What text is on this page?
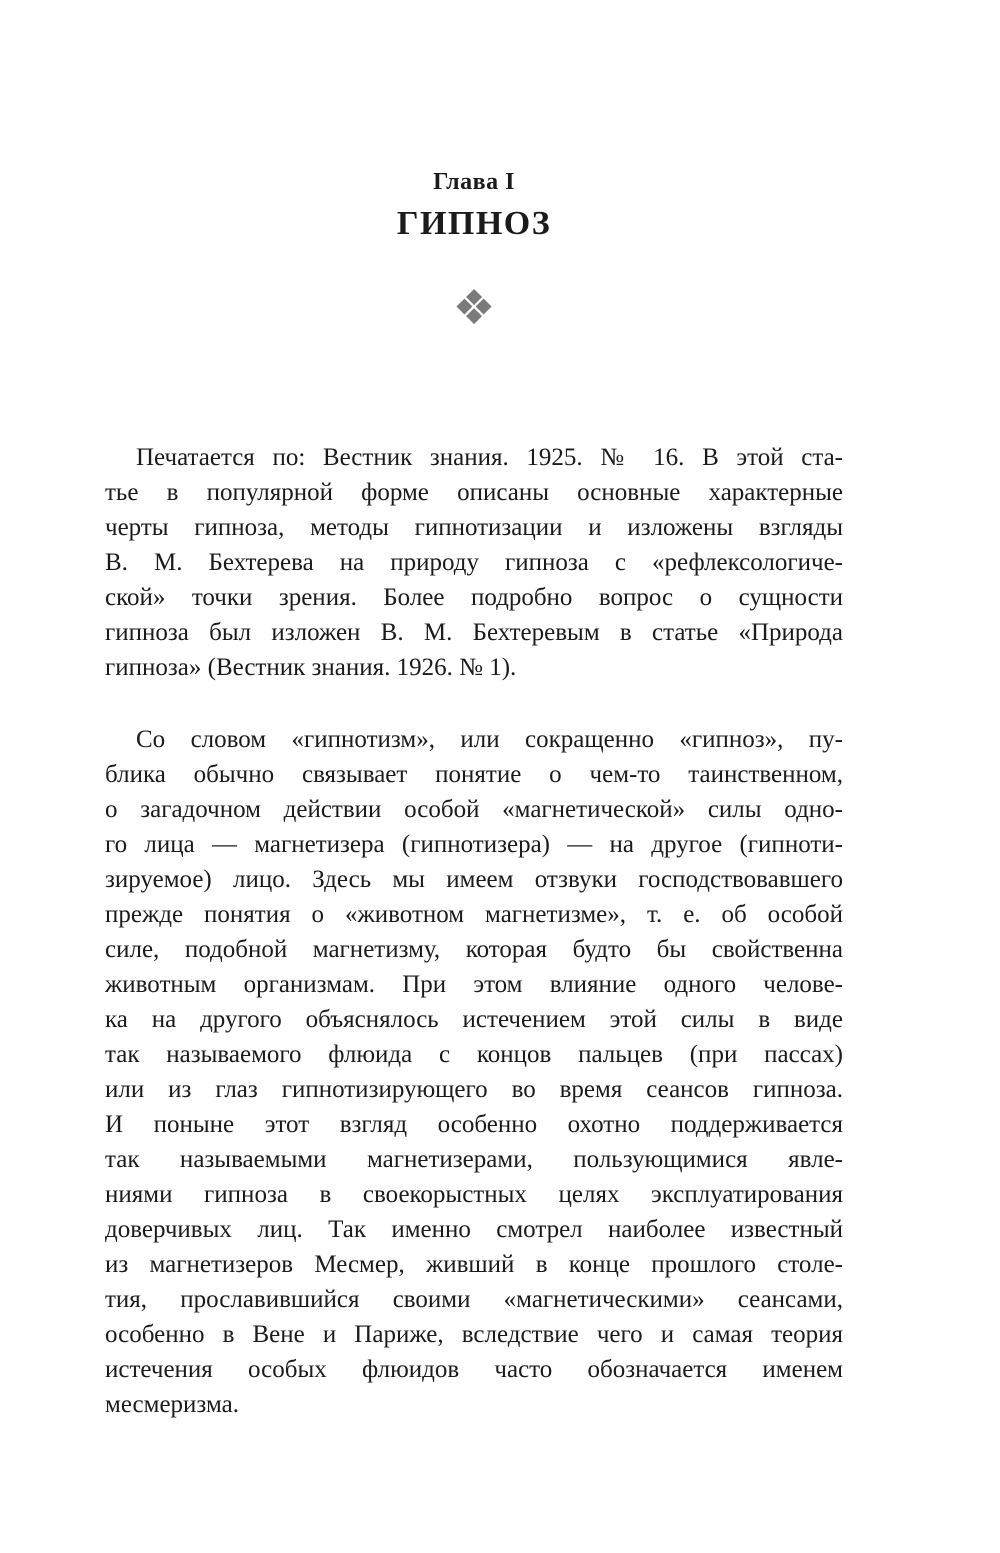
Глава I
ГИПНОЗ
❖
Печатается по: Вестник знания. 1925. № 16. В этой ста-
тье в популярной форме описаны основные характерные
черты гипноза, методы гипнотизации и изложены взгляды
В. М. Бехтерева на природу гипноза с «рефлексологиче-
ской» точки зрения. Более подробно вопрос о сущности
гипноза был изложен В. М. Бехтеревым в статье «Природа
гипноза» (Вестник знания. 1926. № 1).
Со словом «гипнотизм», или сокращенно «гипноз», пу-
блика обычно связывает понятие о чем-то таинственном,
о загадочном действии особой «магнетической» силы одно-
го лица — магнетизера (гипнотизера) — на другое (гипноти-
зируемое) лицо. Здесь мы имеем отзвуки господствовавшего
прежде понятия о «животном магнетизме», т. е. об особой
силе, подобной магнетизму, которая будто бы свойственна
животным организмам. При этом влияние одного челове-
ка на другого объяснялось истечением этой силы в виде
так называемого флюида с концов пальцев (при пассах)
или из глаз гипнотизирующего во время сеансов гипноза.
И поныне этот взгляд особенно охотно поддерживается
так называемыми магнетизерами, пользующимися явле-
ниями гипноза в своекорыстных целях эксплуатирования
доверчивых лиц. Так именно смотрел наиболее известный
из магнетизеров Месмер, живший в конце прошлого столе-
тия, прославившийся своими «магнетическими» сеансами,
особенно в Вене и Париже, вследствие чего и самая теория
истечения особых флюидов часто обозначается именем
месмеризма.
